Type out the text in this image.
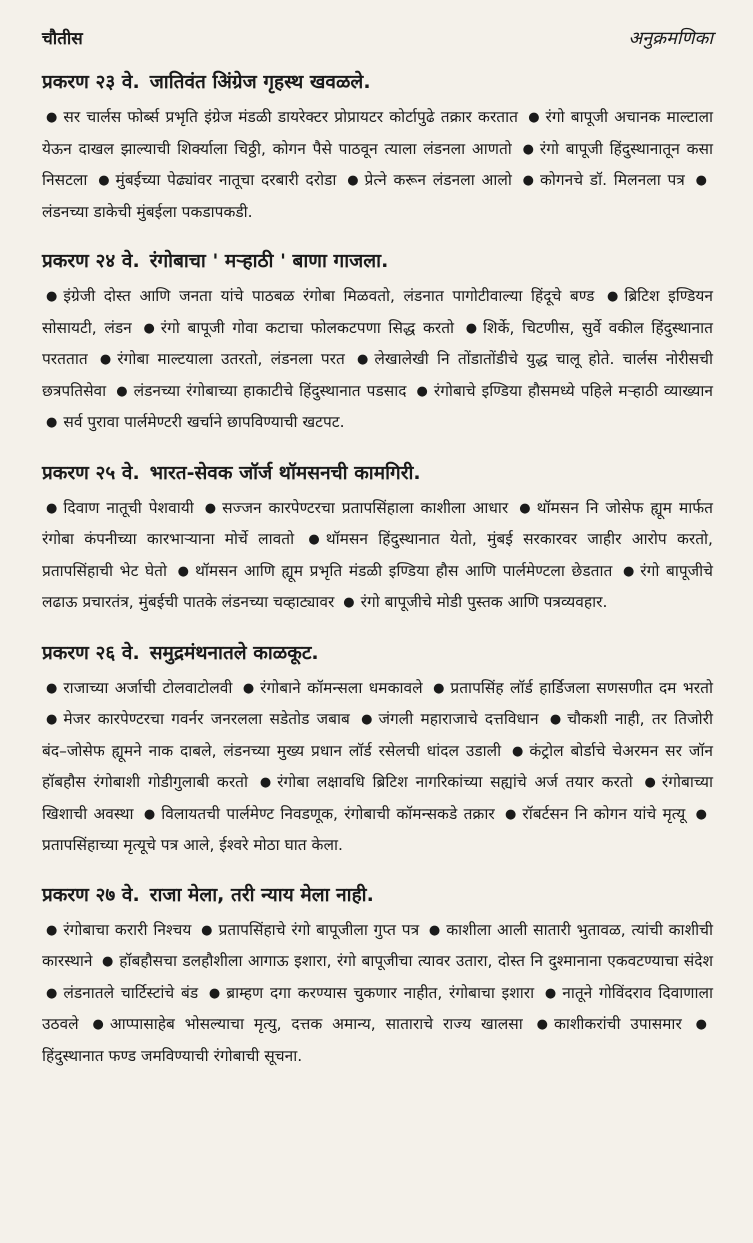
चौतीस	अनुक्रमणिका
प्रकरण २३ वे. जातिवंत अिंग्रेज गृहस्थ खवळले.
● सर चार्लस फोर्ब्स प्रभृति इंग्रेज मंडळी डायरेक्टर प्रोप्रायटर कोर्टापुढे तक्रार करतात ● रंगो बापूजी अचानक माल्टाला येऊन दाखल झाल्याची शिर्क्याला चिठ्ठी, कोगन पैसे पाठवून त्याला लंडनला आणतो ● रंगो बापूजी हिंदुस्थानातून कसा निसटला ● मुंबईच्या पेढ्यांवर नातूचा दरबारी दरोडा ● प्रेत्ने करून लंडनला आलो ● कोगनचे डॉ. मिलनला पत्र ●लंडनच्या डाकेची मुंबईला पकडापकडी.
प्रकरण २४ वे. रंगोबाचा ' मऱ्हाठी ' बाणा गाजला.
● इंग्रेजी दोस्त आणि जनता यांचे पाठबळ रंगोबा मिळवतो, लंडनात पागोटीवाल्या हिंदूचे बण्ड ● ब्रिटिश इण्डियन सोसायटी, लंडन ● रंगो बापूजी गोवा कटाचा फोलकटपणा सिद्ध करतो ● शिर्के, चिटणीस, सुर्वे वकील हिंदुस्थानात परततात ● रंगोबा माल्टयाला उतरतो, लंडनला परत ● लेखालेखी नि तोंडातोंडीचे युद्ध चालू होते. चार्लस नोरीसची छत्रपतिसेवा ● लंडनच्या रंगोबाच्या हाकाटीचे हिंदुस्थानात पडसाद ● रंगोबाचे इण्डिया हौसमध्ये पहिले मऱ्हाठी व्याख्यान ● सर्व पुरावा पार्लमेण्टरी खर्चाने छापविण्याची खटपट.
प्रकरण २५ वे. भारत-सेवक जॉर्ज थॉमसनची कामगिरी.
● दिवाण नातूची पेशवायी ● सज्जन कारपेण्टरचा प्रतापसिंहाला काशीला आधार ● थॉमसन नि जोसेफ ह्यूम मार्फत रंगोबा कंपनीच्या कारभाऱ्याना मोर्चे लावतो ● थॉमसन हिंदुस्थानात येतो, मुंबई सरकारवर जाहीर आरोप करतो, प्रतापसिंहाची भेट घेतो ● थॉमसन आणि ह्यूम प्रभृति मंडळी इण्डिया हौस आणि पार्लमेण्टला छेडतात ● रंगो बापूजीचे लढाऊ प्रचारतंत्र, मुंबईची पातके लंडनच्या चव्हाट्यावर ● रंगो बापूजीचे मोडी पुस्तक आणि पत्रव्यवहार.
प्रकरण २६ वे. समुद्रमंथनातले काळकूट.
● राजाच्या अर्जाची टोलवाटोलवी ● रंगोबाने कॉमन्सला धमकावले ● प्रतापसिंह लॉर्ड हार्डिजला सणसणीत दम भरतो ● मेजर कारपेण्टरचा गवर्नर जनरलला सडेतोड जबाब ● जंगली महाराजाचे दत्तविधान ● चौकशी नाही, तर तिजोरी बंद–जोसेफ ह्यूमने नाक दाबले, लंडनच्या मुख्य प्रधान लॉर्ड रसेलची धांदल उडाली ● कंट्रोल बोर्डाचे चेअरमन सर जॉन हॉबहौस रंगोबाशी गोडीगुलाबी करतो ● रंगोबा लक्षावधि ब्रिटिश नागरिकांच्या सह्यांचे अर्ज तयार करतो ● रंगोबाच्या खिशाची अवस्था ● विलायतची पार्लमेण्ट निवडणूक, रंगोबाची कॉमन्सकडे तक्रार ● रॉबर्टसन नि कोगन यांचे मृत्यू ●प्रतापसिंहाच्या मृत्यूचे पत्र आले, ईश्वरे मोठा घात केला.
प्रकरण २७ वे. राजा मेला, तरी न्याय मेला नाही.
● रंगोबाचा करारी निश्चय ● प्रतापसिंहाचे रंगो बापूजीला गुप्त पत्र ● काशीला आली सातारी भुतावळ, त्यांची काशीची कारस्थाने ● हॉबहौसचा डलहौशीला आगाऊ इशारा, रंगो बापूजीचा त्यावर उतारा, दोस्त नि दुश्मानाना एकवटण्याचा संदेश ● लंडनातले चार्टिस्टांचे बंड ● ब्राम्हण दगा करण्यास चुकणार नाहीत, रंगोबाचा इशारा ● नातूने गोविंदराव दिवाणाला उठवले ● आप्पासाहेब भोसल्याचा मृत्यु, दत्तक अमान्य, साताराचे राज्य खालसा ● काशीकरांची उपासमार ●हिंदुस्थानात फण्ड जमविण्याची रंगोबाची सूचना.
